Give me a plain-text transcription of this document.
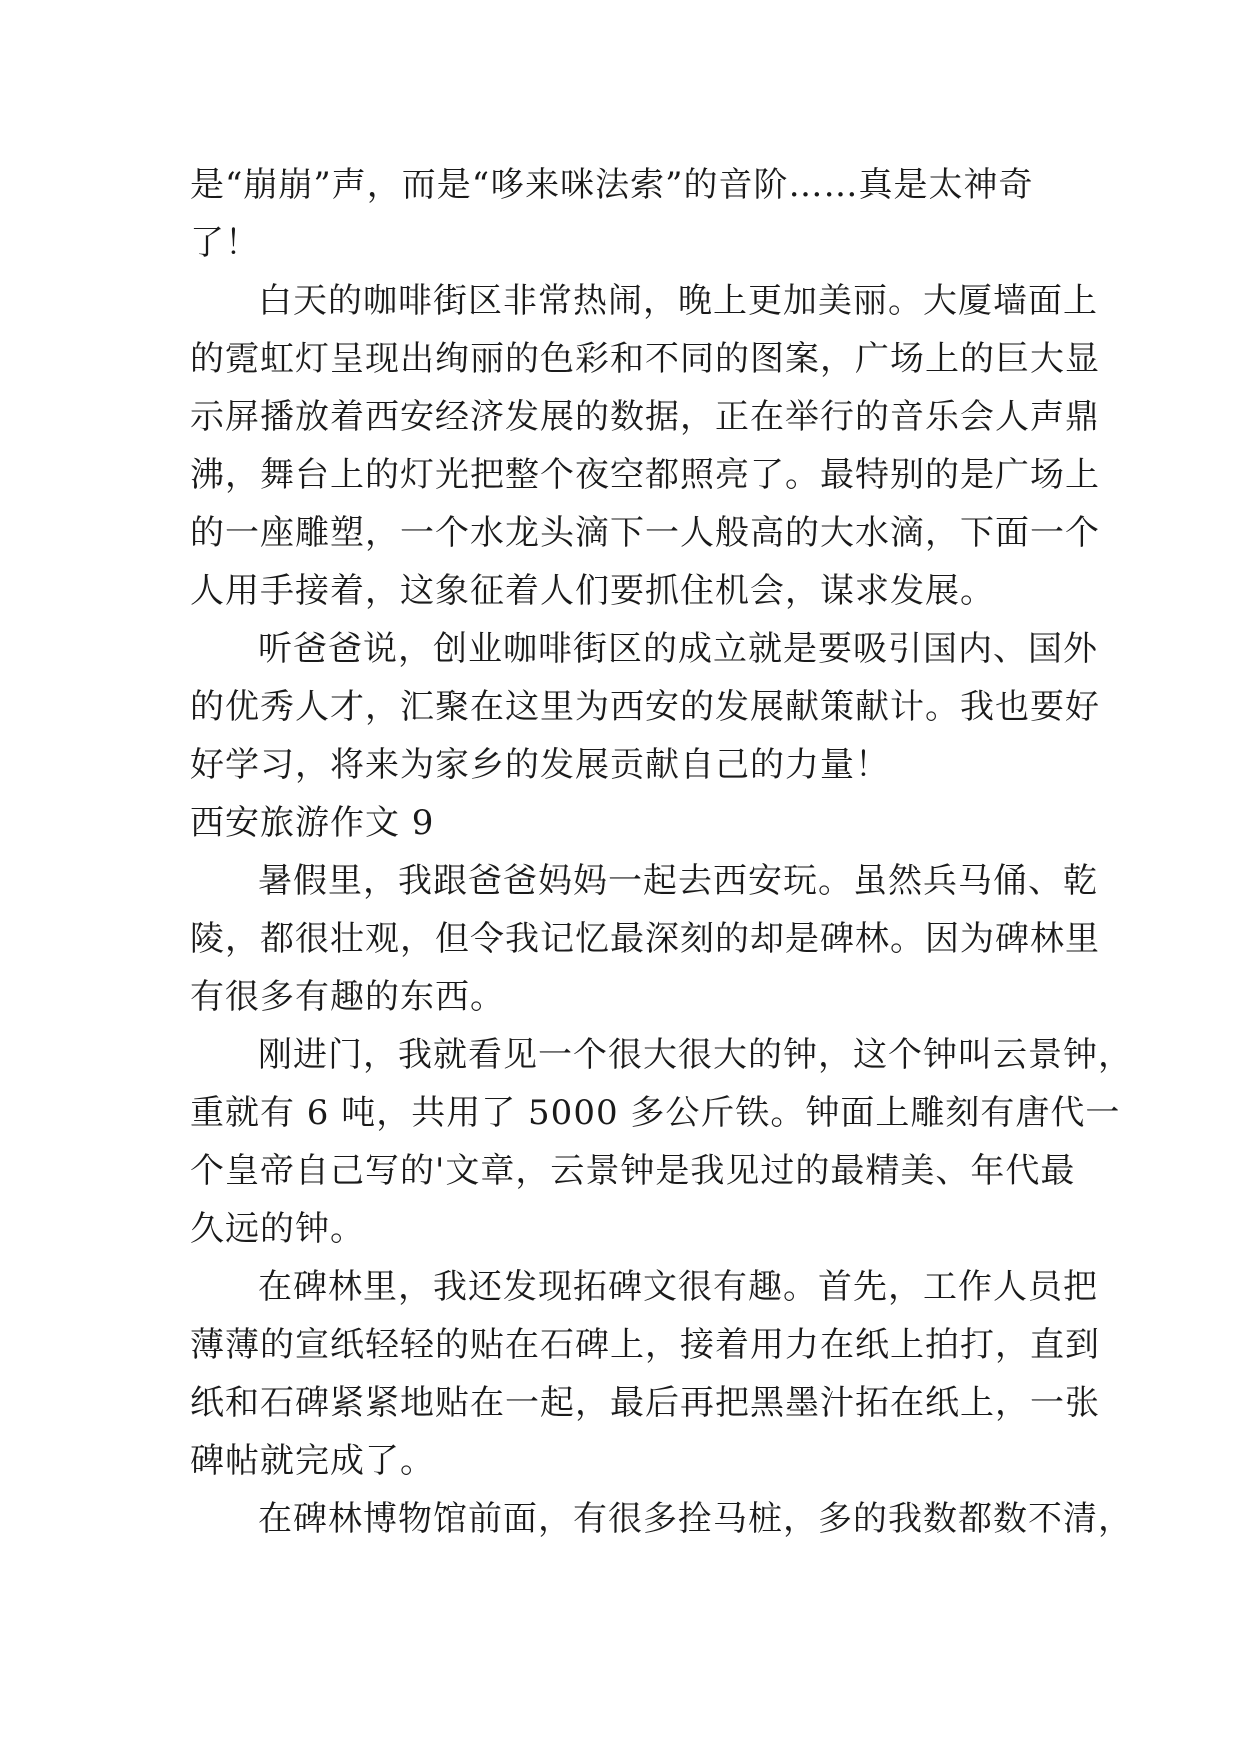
是“崩崩”声，而是“哆来咪法索”的音阶……真是太神奇
了！
白天的咖啡街区非常热闹，晚上更加美丽。大厦墙面上
的霓虹灯呈现出绚丽的色彩和不同的图案，广场上的巨大显
示屏播放着西安经济发展的数据，正在举行的音乐会人声鼎
沸，舞台上的灯光把整个夜空都照亮了。最特别的是广场上
的一座雕塑，一个水龙头滴下一人般高的大水滴，下面一个
人用手接着，这象征着人们要抓住机会，谋求发展。
听爸爸说，创业咖啡街区的成立就是要吸引国内、国外
的优秀人才，汇聚在这里为西安的发展献策献计。我也要好
好学习，将来为家乡的发展贡献自己的力量！
西安旅游作文 9
暑假里，我跟爸爸妈妈一起去西安玩。虽然兵马俑、乾
陵，都很壮观，但令我记忆最深刻的却是碑林。因为碑林里
有很多有趣的东西。
刚进门，我就看见一个很大很大的钟，这个钟叫云景钟，
重就有 6 吨，共用了 5000 多公斤铁。钟面上雕刻有唐代一
个皇帝自己写的'文章，云景钟是我见过的最精美、年代最
久远的钟。
在碑林里，我还发现拓碑文很有趣。首先，工作人员把
薄薄的宣纸轻轻的贴在石碑上，接着用力在纸上拍打，直到
纸和石碑紧紧地贴在一起，最后再把黑墨汁拓在纸上，一张
碑帖就完成了。
在碑林博物馆前面，有很多拴马桩，多的我数都数不清，
